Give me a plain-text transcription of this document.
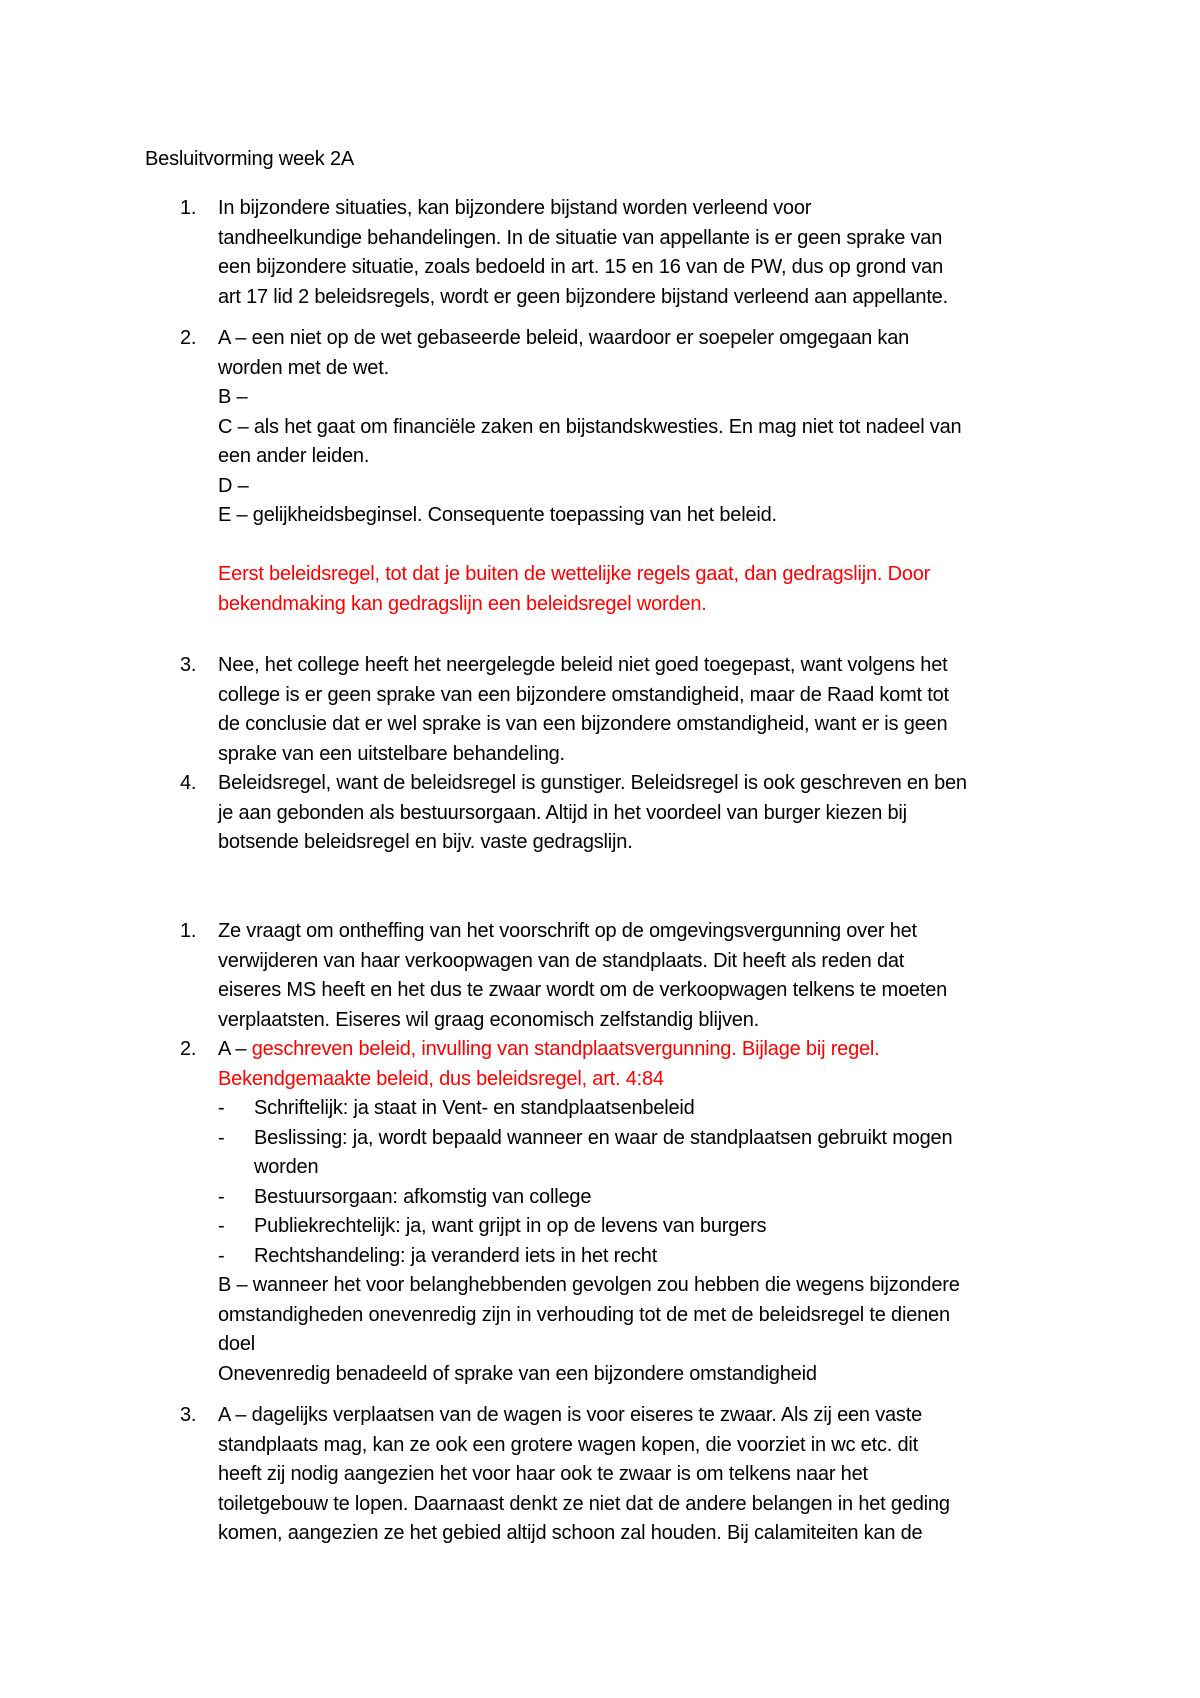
Besluitvorming week 2A
1.	In bijzondere situaties, kan bijzondere bijstand worden verleend voor
tandheelkundige behandelingen. In de situatie van appellante is er geen sprake van
een bijzondere situatie, zoals bedoeld in art. 15 en 16 van de PW, dus op grond van
art 17 lid 2 beleidsregels, wordt er geen bijzondere bijstand verleend aan appellante.
2.	A – een niet op de wet gebaseerde beleid, waardoor er soepeler omgegaan kan
worden met de wet.
B –
C – als het gaat om financiële zaken en bijstandskwesties. En mag niet tot nadeel van
een ander leiden.
D –
E – gelijkheidsbeginsel. Consequente toepassing van het beleid.
Eerst beleidsregel, tot dat je buiten de wettelijke regels gaat, dan gedragslijn. Door
bekendmaking kan gedragslijn een beleidsregel worden.
3.	Nee, het college heeft het neergelegde beleid niet goed toegepast, want volgens het
college is er geen sprake van een bijzondere omstandigheid, maar de Raad komt tot
de conclusie dat er wel sprake is van een bijzondere omstandigheid, want er is geen
sprake van een uitstelbare behandeling.
4.	Beleidsregel, want de beleidsregel is gunstiger. Beleidsregel is ook geschreven en ben
je aan gebonden als bestuursorgaan. Altijd in het voordeel van burger kiezen bij
botsende beleidsregel en bijv. vaste gedragslijn.
1.	Ze vraagt om ontheffing van het voorschrift op de omgevingsvergunning over het
verwijderen van haar verkoopwagen van de standplaats. Dit heeft als reden dat
eiseres MS heeft en het dus te zwaar wordt om de verkoopwagen telkens te moeten
verplaatsten. Eiseres wil graag economisch zelfstandig blijven.
2.	A – geschreven beleid, invulling van standplaatsvergunning. Bijlage bij regel.
Bekendgemaakte beleid, dus beleidsregel, art. 4:84
- Schriftelijk: ja staat in Vent- en standplaatsenbeleid
- Beslissing: ja, wordt bepaald wanneer en waar de standplaatsen gebruikt mogen
worden
- Bestuursorgaan: afkomstig van college
- Publiekrechtelijk: ja, want grijpt in op de levens van burgers
- Rechtshandeling: ja veranderd iets in het recht
B – wanneer het voor belanghebbenden gevolgen zou hebben die wegens bijzondere
omstandigheden onevenredig zijn in verhouding tot de met de beleidsregel te dienen
doel
Onevenredig benadeeld of sprake van een bijzondere omstandigheid
3.	A – dagelijks verplaatsen van de wagen is voor eiseres te zwaar. Als zij een vaste
standplaats mag, kan ze ook een grotere wagen kopen, die voorziet in wc etc. dit
heeft zij nodig aangezien het voor haar ook te zwaar is om telkens naar het
toiletgebouw te lopen. Daarnaast denkt ze niet dat de andere belangen in het geding
komen, aangezien ze het gebied altijd schoon zal houden. Bij calamiteiten kan de
